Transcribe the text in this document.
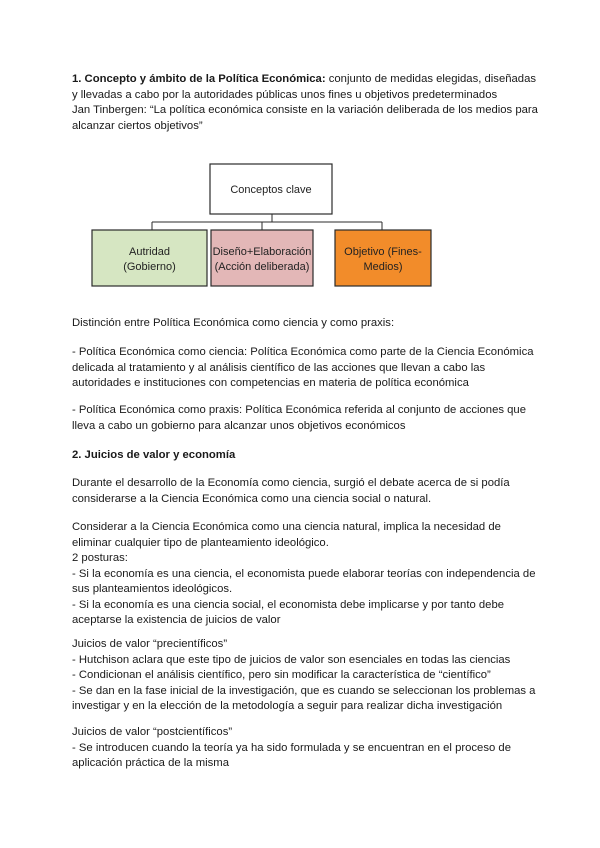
1. Concepto y ámbito de la Política Económica: conjunto de medidas elegidas, diseñadas y llevadas a cabo por la autoridades públicas unos fines u objetivos predeterminados

Jan Tinbergen: “La política económica consiste en la variación deliberada de los medios para alcanzar ciertos objetivos”

Conceptos clave
Autridad
(Gobierno)
Diseño+Elaboración
(Acción deliberada)
Objetivo (Fines-
Medios)

Distinción entre Política Económica como ciencia y como praxis:

- Política Económica como ciencia: Política Económica como parte de la Ciencia Económica delicada al tratamiento y al análisis científico de las acciones que llevan a cabo las autoridades e instituciones con competencias en materia de política económica

- Política Económica como praxis: Política Económica referida al conjunto de acciones que lleva a cabo un gobierno para alcanzar unos objetivos económicos

2. Juicios de valor y economía

Durante el desarrollo de la Economía como ciencia, surgió el debate acerca de si podía considerarse a la Ciencia Económica como una ciencia social o natural.

Considerar a la Ciencia Económica como una ciencia natural, implica la necesidad de eliminar cualquier tipo de planteamiento ideológico.

2 posturas:

- Si la economía es una ciencia, el economista puede elaborar teorías con independencia de sus planteamientos ideológicos.

- Si la economía es una ciencia social, el economista debe implicarse y por tanto debe aceptarse la existencia de juicios de valor

Juicios de valor “precientíficos”

- Hutchison aclara que este tipo de juicios de valor son esenciales en todas las ciencias

- Condicionan el análisis científico, pero sin modificar la característica de “científico”

- Se dan en la fase inicial de la investigación, que es cuando se seleccionan los problemas a investigar y en la elección de la metodología a seguir para realizar dicha investigación

Juicios de valor “postcientíficos”

- Se introducen cuando la teoría ya ha sido formulada y se encuentran en el proceso de aplicación práctica de la misma
